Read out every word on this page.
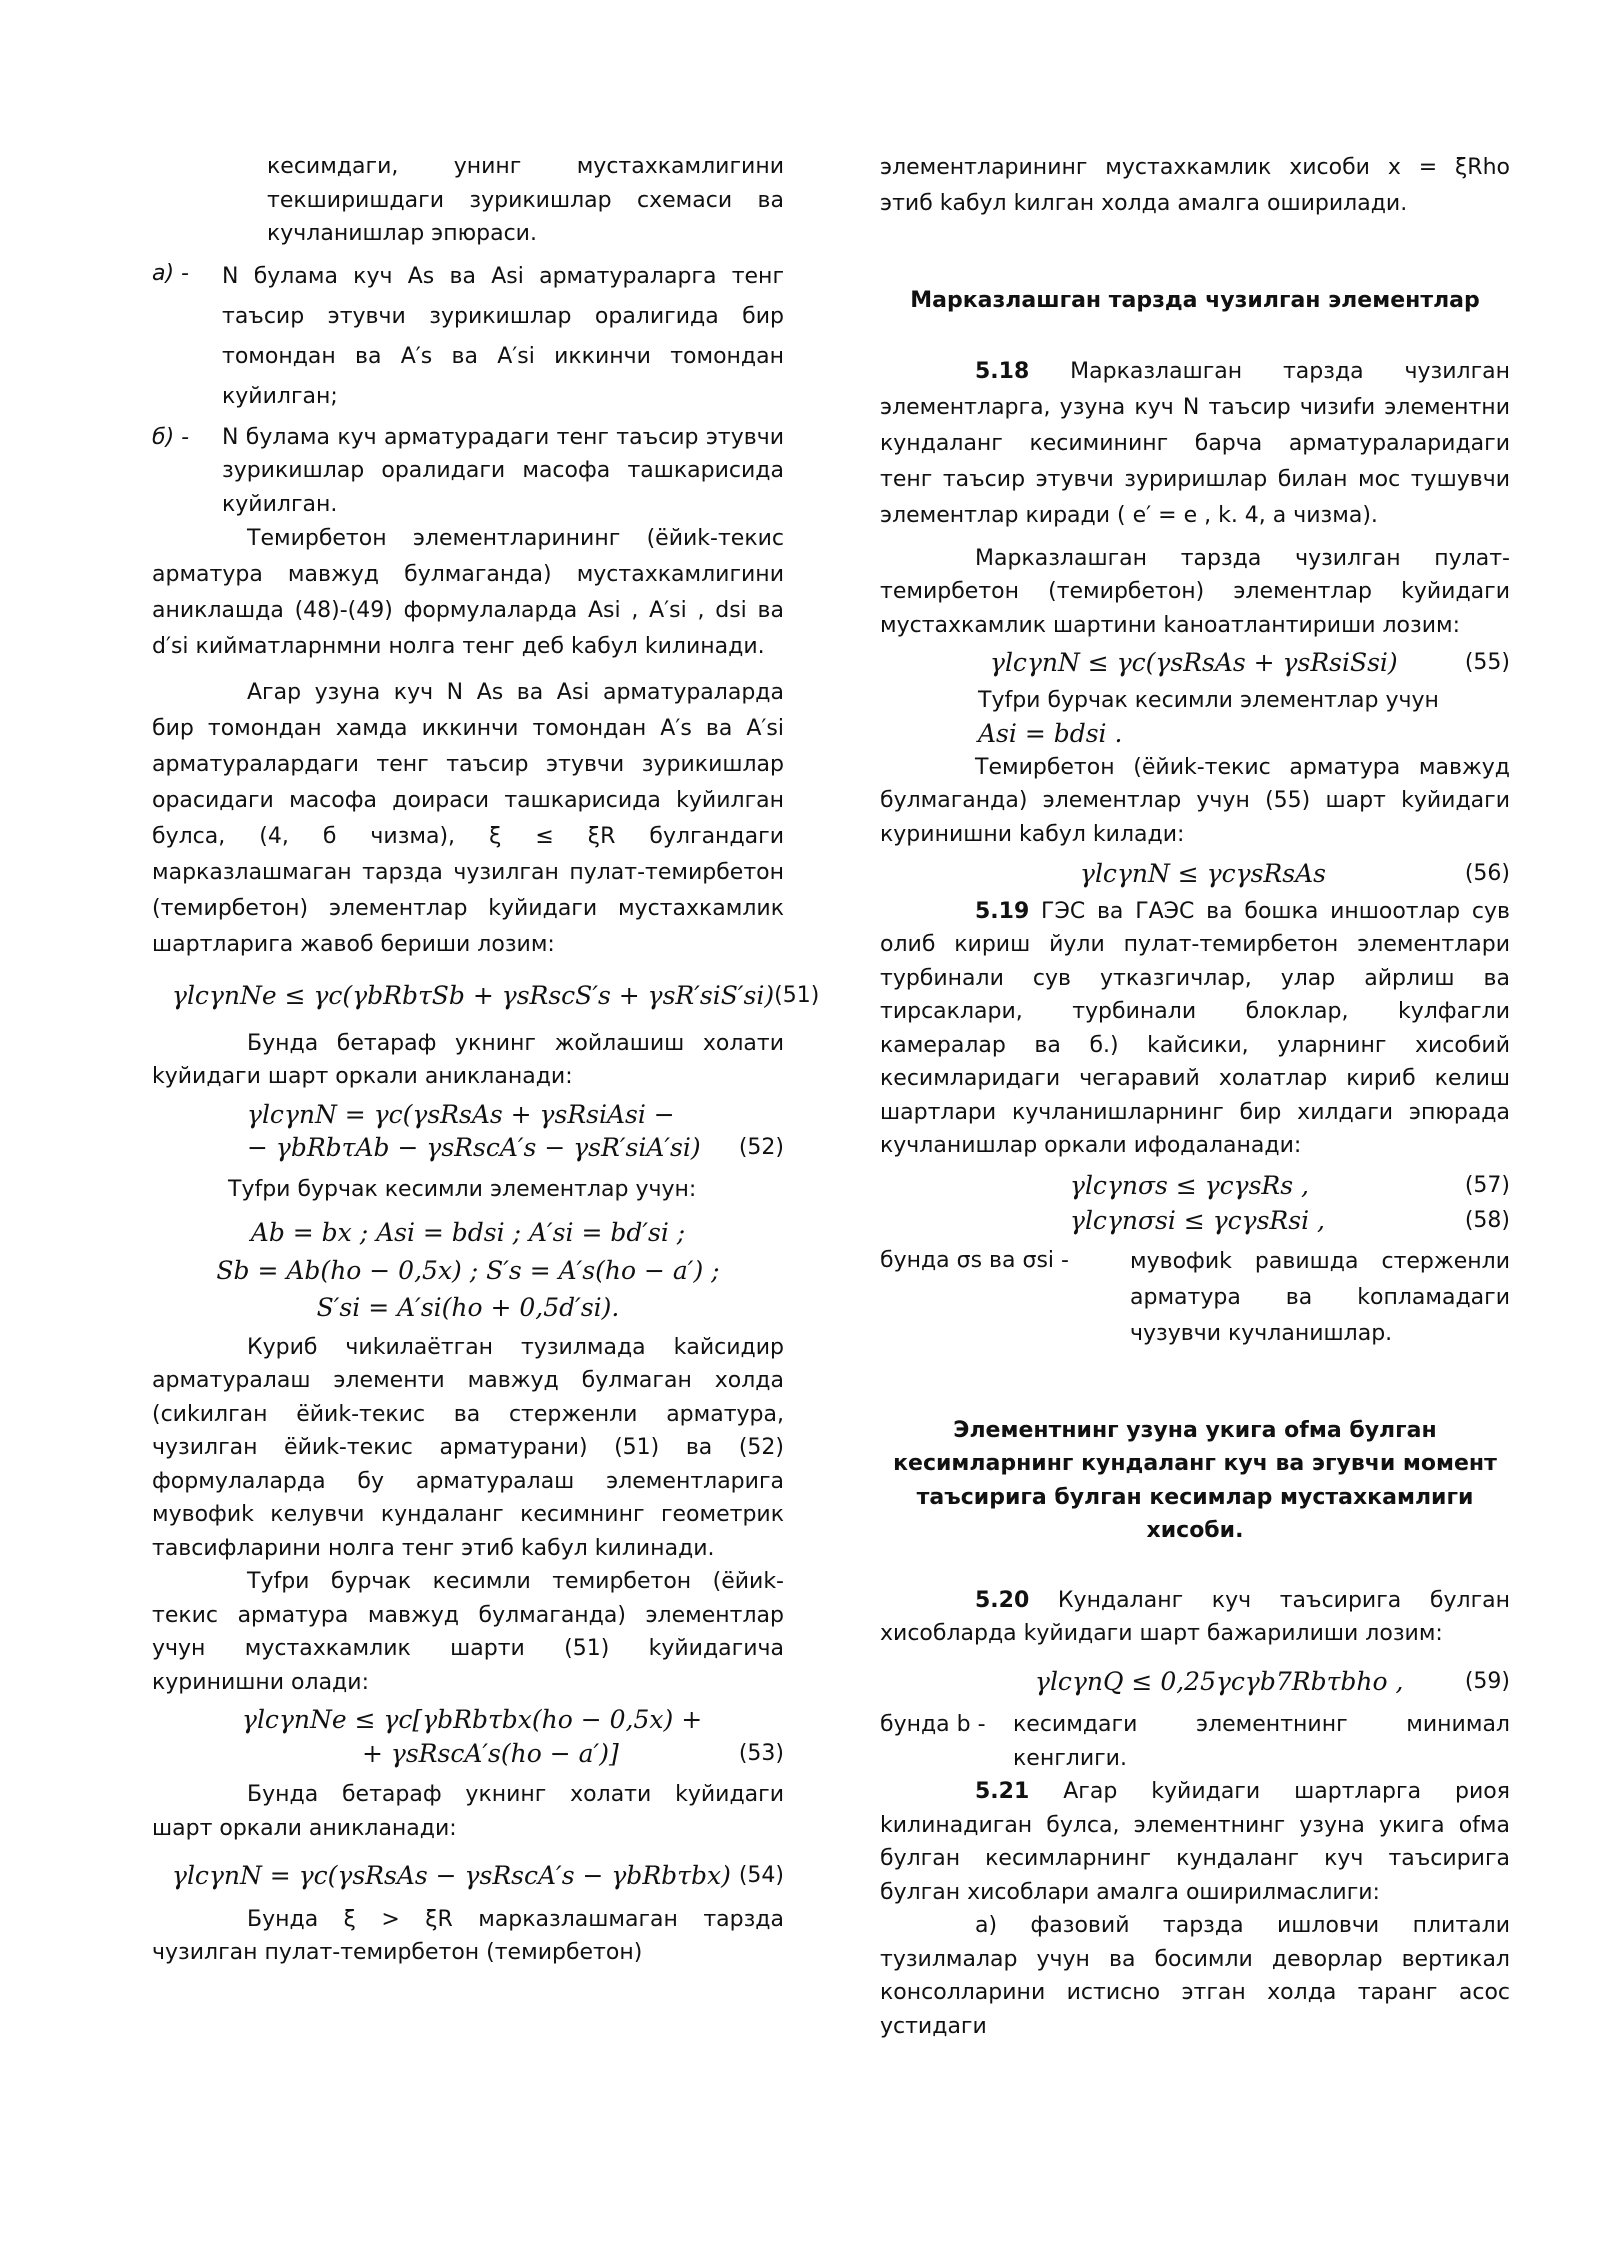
кесимдаги, унинг мустахкамлигини текширишдаги зурикишлар схемаси ва кучланишлар эпюраси.

а) -	N булама куч As ва Asi арматураларга тенг таъсир этувчи зурикишлар оралигида бир томондан ва A′s ва A′si иккинчи томондан куйилган;
б) -	N булама куч арматурадаги тенг таъсир этувчи зурикишлар оралидаги масофа ташкарисида куйилган.

Темирбетон элементларининг (ёйиk-текис арматура мавжуд булмаганда) мустахкамлигини аниклашда (48)-(49) формулаларда Asi , A′si , dsi ва d′si кийматларнмни нолга тенг деб kабул kилинади.

Агар узуна куч N As ва Asi арматураларда бир томондан хамда иккинчи томондан A′s ва A′si арматуралардаги тенг таъсир этувчи зурикишлар орасидаги масофа доираси ташкарисида kуйилган булса, (4, б чизма), ξ ≤ ξR булгандаги марказлашмаган тарзда чузилган пулат-темирбетон (темирбетон) элементлар kуйидаги мустахкамлик шартларига жавоб бериши лозим:

γlcγnNe ≤ γc(γbRbτSb + γsRscS′s + γsR′siS′si) (51)

Бунда бетараф укнинг жойлашиш холати kуйидаги шарт оркали аникланади:

γlcγnN = γc(γsRsAs + γsRsiAsi −
− γbRbτAb − γsRscA′s − γsR′siA′si)	(52)

Туfри бурчак кесимли элементлар учун:

Ab = bx ; Asi = bdsi ; A′si = bd′si ;
Sb = Ab(ho − 0,5x) ; S′s = A′s(ho − a′) ;
S′si = A′si(ho + 0,5d′si).

Куриб чиkилаётган тузилмада kайсидир арматуралаш элементи мавжуд булмаган холда (сиkилган ёйиk-текис ва стерженли арматура, чузилган ёйиk-текис арматурани) (51) ва (52) формулаларда бу арматуралаш элементларига мувофиk келувчи кундаланг кесимнинг геометрик тавсифларини нолга тенг этиб kабул kилинади.

Туfри бурчак кесимли темирбетон (ёйиk-текис арматура мавжуд булмаганда) элементлар учун мустахкамлик шарти (51) kуйидагича куринишни олади:

γlcγnNe ≤ γc[γbRbτbx(ho − 0,5x) +
+ γsRscA′s(ho − a′)]	(53)

Бунда бетараф укнинг холати kуйидаги шарт оркали аникланади:

γlcγnN = γc(γsRsAs − γsRscA′s − γbRbτbx) (54)

Бунда ξ > ξR марказлашмаган тарзда чузилган пулат-темирбетон (темирбетон)

элементларининг мустахкамлик хисоби x = ξRho этиб kабул kилган холда амалга оширилади.

Марказлашган тарзда чузилган элементлар

5.18 Марказлашган тарзда чузилган элементларга, узуна куч N таъсир чизиfи элементни кундаланг кесимининг барча арматураларидаги тенг таъсир этувчи зуриришлар билан мос тушувчи элементлар киради ( e′ = e , k. 4, а чизма).

Марказлашган тарзда чузилган пулат-темирбетон (темирбетон) элементлар kуйидаги мустахкамлик шартини kаноатлантириши лозим:

γlcγnN ≤ γc(γsRsAs + γsRsiSsi)	(55)

Туfри бурчак кесимли элементлар учун

Asi = bdsi .

Темирбетон (ёйиk-текис арматура мавжуд булмаганда) элементлар учун (55) шарт kуйидаги куринишни kабул kилади:

γlcγnN ≤ γcγsRsAs	(56)

5.19 ГЭС ва ГАЭС ва бошка иншоотлар сув олиб кириш йули пулат-темирбетон элементлари турбинали сув утказгичлар, улар айрлиш ва тирсаклари, турбинали блоклар, kулфагли камералар ва б.) kайсики, уларнинг хисобий кесимларидаги чегаравий холатлар кириб келиш шартлари кучланишларнинг бир хилдаги эпюрада кучланишлар оркали ифодаланади:

γlcγnσs ≤ γcγsRs ,	(57)
γlcγnσsi ≤ γcγsRsi ,	(58)
бунда σs ва σsi -	мувофиk равишда стерженли арматура ва kопламадаги чузувчи кучланишлар.

Элементнинг узуна укига оfма булган кесимларнинг кундаланг куч ва эгувчи момент таъсирига булган кесимлар мустахкамлиги хисоби.

5.20 Кундаланг куч таъсирига булган хисобларда kуйидаги шарт бажарилиши лозим:

γlcγnQ ≤ 0,25γcγb7Rbτbho ,	(59)
бунда b -	кесимдаги элементнинг минимал кенглиги.

5.21 Агар kуйидаги шартларга риоя kилинадиган булса, элементнинг узуна укига оfма булган кесимларнинг кундаланг куч таъсирига булган хисоблари амалга оширилмаслиги:

а) фазовий тарзда ишловчи плитали тузилмалар учун ва босимли деворлар вертикал консолларини истисно этган холда таранг асос устидаги
